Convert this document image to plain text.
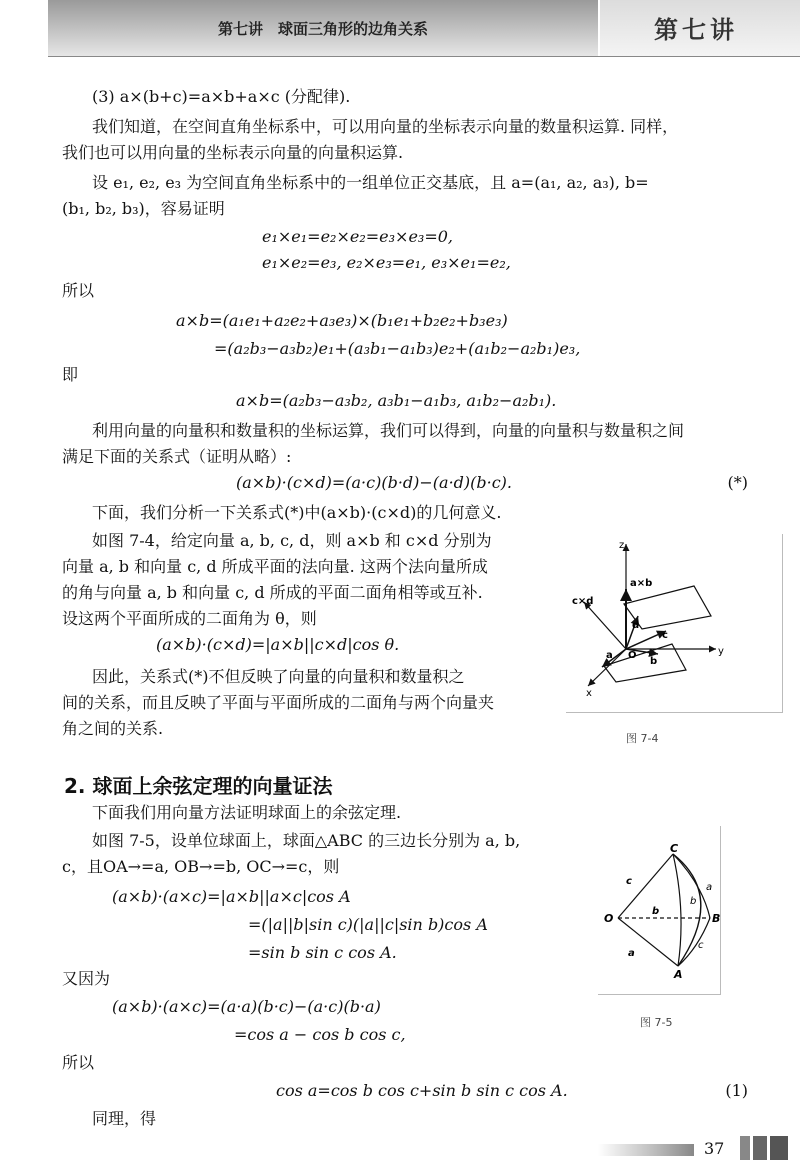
第七讲　球面三角形的边角关系	第七讲
(3) a×(b+c)=a×b+a×c (分配律).
我们知道，在空间直角坐标系中，可以用向量的坐标表示向量的数量积运算. 同样，
我们也可以用向量的坐标表示向量的向量积运算.
设 e₁, e₂, e₃ 为空间直角坐标系中的一组单位正交基底，且 a=(a₁, a₂, a₃), b=
(b₁, b₂, b₃)，容易证明
e₁×e₁=e₂×e₂=e₃×e₃=0,
e₁×e₂=e₃, e₂×e₃=e₁, e₃×e₁=e₂,
所以
a×b=(a₁e₁+a₂e₂+a₃e₃)×(b₁e₁+b₂e₂+b₃e₃)
=(a₂b₃−a₃b₂)e₁+(a₃b₁−a₁b₃)e₂+(a₁b₂−a₂b₁)e₃,
即
a×b=(a₂b₃−a₃b₂, a₃b₁−a₁b₃, a₁b₂−a₂b₁).
利用向量的向量积和数量积的坐标运算，我们可以得到，向量的向量积与数量积之间
满足下面的关系式（证明从略）:
(a×b)·(c×d)=(a·c)(b·d)−(a·d)(b·c).	(*)
下面，我们分析一下关系式(*)中(a×b)·(c×d)的几何意义.
如图 7-4，给定向量 a, b, c, d，则 a×b 和 c×d 分别为
向量 a, b 和向量 c, d 所成平面的法向量. 这两个法向量所成
的角与向量 a, b 和向量 c, d 所成的平面二面角相等或互补.
设这两个平面所成的二面角为 θ，则
(a×b)·(c×d)=|a×b||c×d|cos θ.
因此，关系式(*)不但反映了向量的向量积和数量积之
间的关系，而且反映了平面与平面所成的二面角与两个向量夹
角之间的关系.
2. 球面上余弦定理的向量证法
下面我们用向量方法证明球面上的余弦定理.
如图 7-5，设单位球面上，球面△ABC 的三边长分别为 a, b,
c，且OA→=a, OB→=b, OC→=c，则
(a×b)·(a×c)=|a×b||a×c|cos A
=(|a||b|sin c)(|a||c|sin b)cos A
=sin b sin c cos A.
又因为
(a×b)·(a×c)=(a·a)(b·c)−(a·c)(b·a)
=cos a − cos b cos c,
所以
cos a=cos b cos c+sin b sin c cos A.	(1)
同理，得
z
y
x
O
a×b
c×d
c
d
b
a
图 7-4
C
O	B
A
a
b
c
c
b
a
图 7-5
37
